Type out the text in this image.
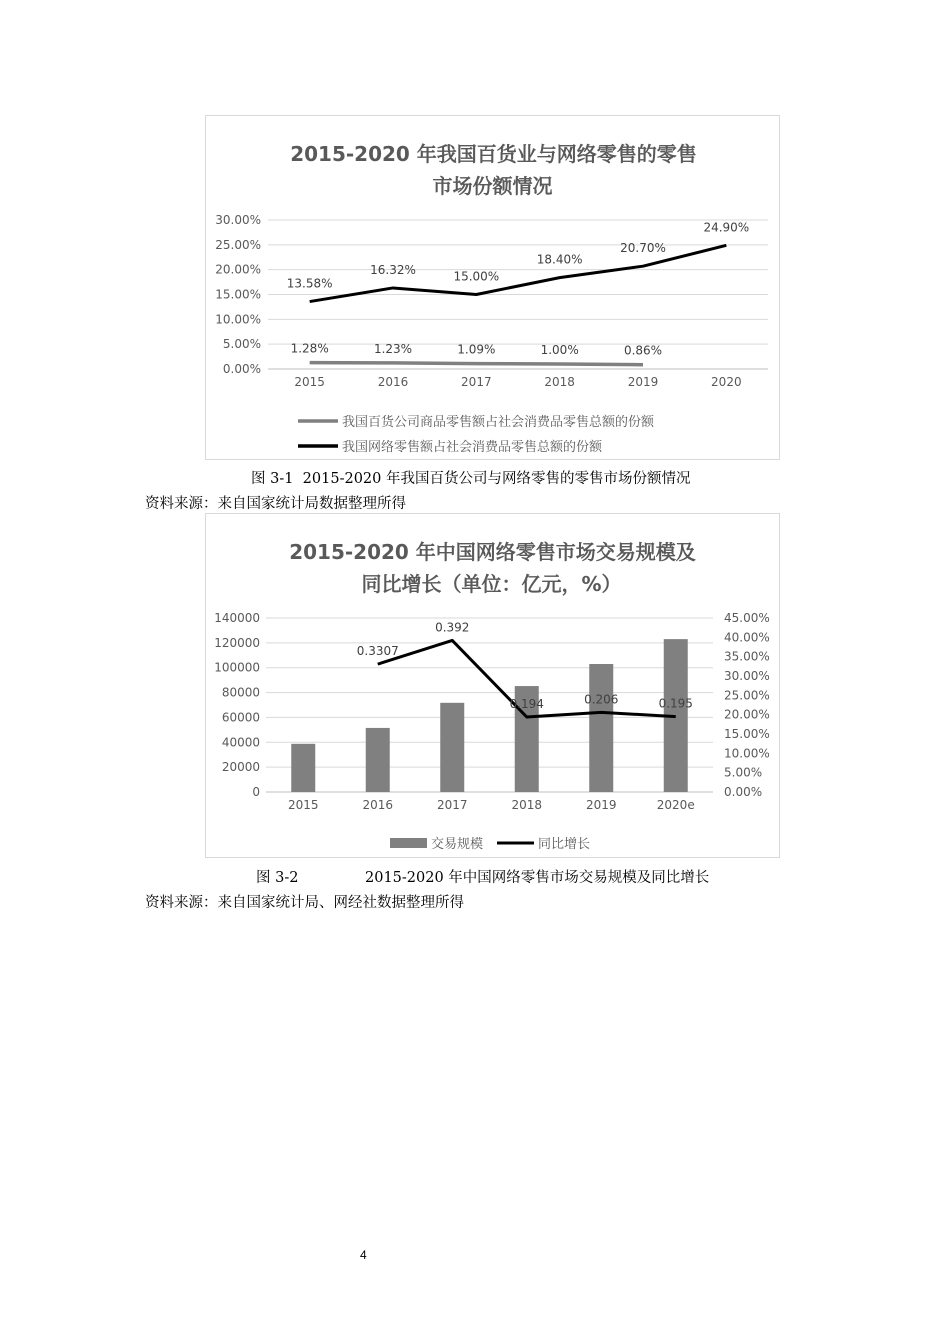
2015-2020 年我国百货业与网络零售的零售
市场份额情况
0.00%
5.00%
10.00%
15.00%
20.00%
25.00%
30.00%
2015	2016	2017	2018	2019	2020
1.28%	1.23%	1.09%	1.00%	0.86%
13.58%
16.32%	15.00%
18.40%
20.70%
24.90%
我国百货公司商品零售额占社会消费品零售总额的份额
我国网络零售额占社会消费品零售总额的份额
图 3-1  2015-2020 年我国百货公司与网络零售的零售市场份额情况
资料来源：来自国家统计局数据整理所得
2015-2020 年中国网络零售市场交易规模及
同比增长（单位：亿元，%）
0
20000
40000
60000
80000
100000
120000
140000
0.00%
5.00%
10.00%
15.00%
20.00%
25.00%
30.00%
35.00%
40.00%
45.00%
2015	2016	2017	2018	2019	2020e
0.3307
0.392
0.194	0.206	0.195
交易规模	同比增长
图 3-2	2015-2020 年中国网络零售市场交易规模及同比增长
资料来源：来自国家统计局、网经社数据整理所得
4
